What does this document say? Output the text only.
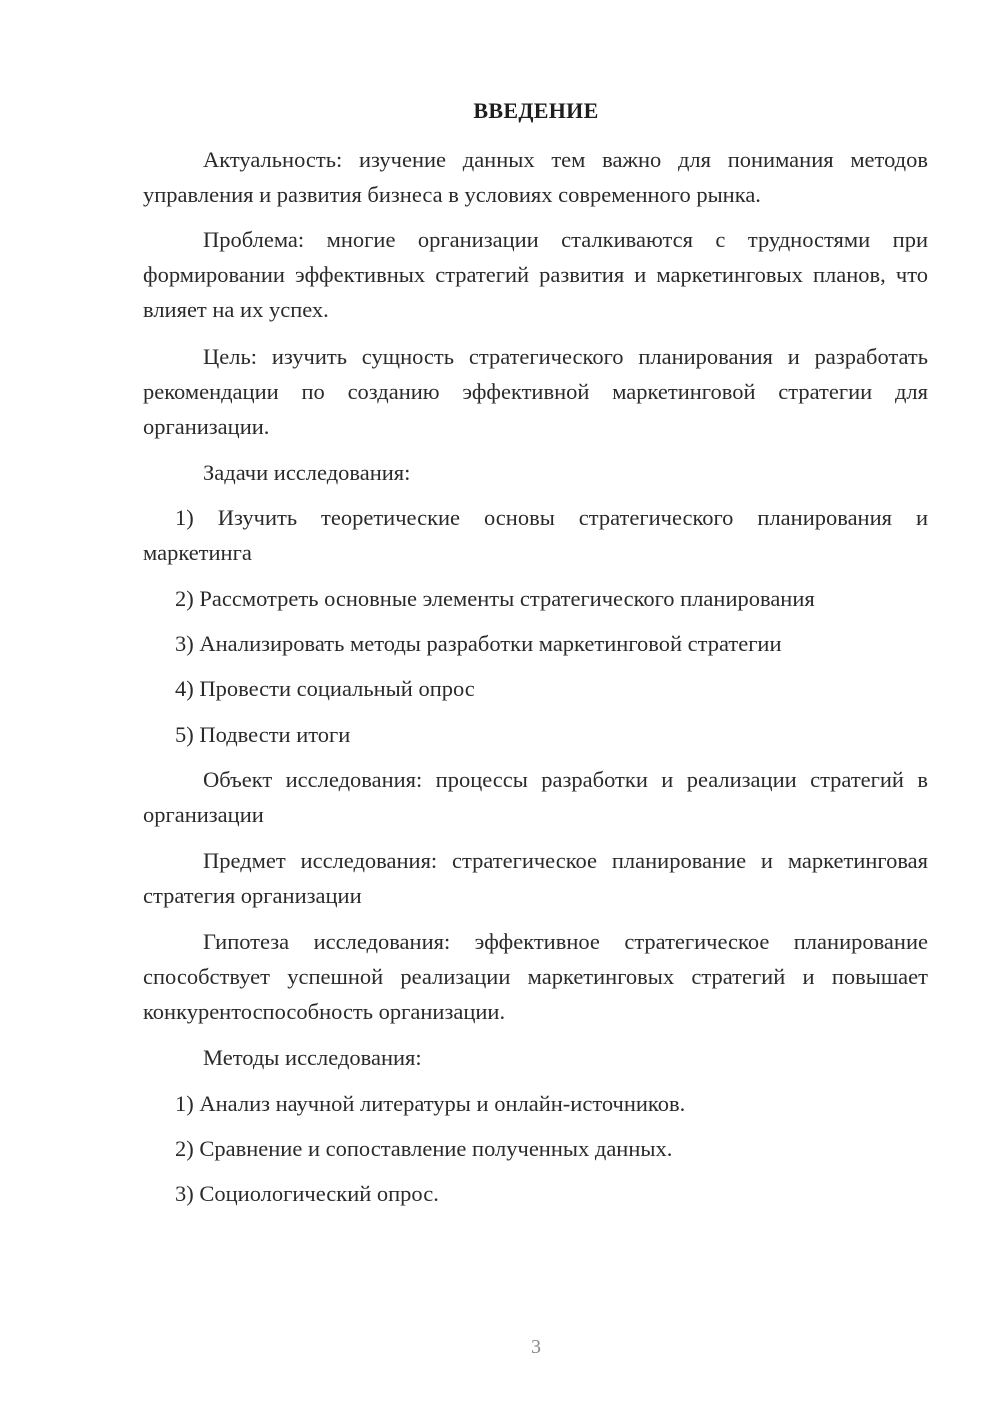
ВВЕДЕНИЕ

Актуальность: изучение данных тем важно для понимания методов управления и развития бизнеса в условиях современного рынка.

Проблема: многие организации сталкиваются с трудностями при формировании эффективных стратегий развития и маркетинговых планов, что влияет на их успех.

Цель: изучить сущность стратегического планирования и разработать рекомендации по созданию эффективной маркетинговой стратегии для организации.

Задачи исследования:

1) Изучить теоретические основы стратегического планирования и маркетинга

2) Рассмотреть основные элементы стратегического планирования

3) Анализировать методы разработки маркетинговой стратегии

4) Провести социальный опрос

5) Подвести итоги

Объект исследования: процессы разработки и реализации стратегий в организации

Предмет исследования: стратегическое планирование и маркетинговая стратегия организации

Гипотеза исследования: эффективное стратегическое планирование способствует успешной реализации маркетинговых стратегий и повышает конкурентоспособность организации.

Методы исследования:

1) Анализ научной литературы и онлайн-источников.

2) Сравнение и сопоставление полученных данных.

3) Социологический опрос.

3
